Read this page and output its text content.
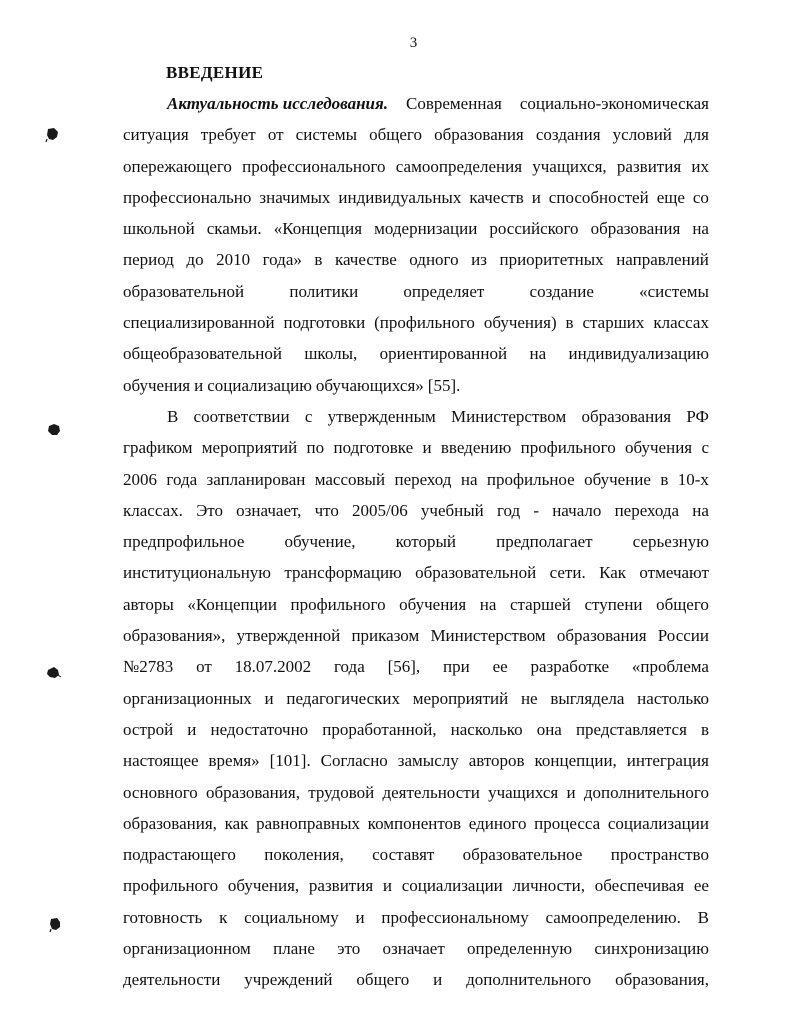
3
ВВЕДЕНИЕ
Актуальность исследования. Современная социально-экономическая
ситуация требует от системы общего образования создания условий для
опережающего профессионального самоопределения учащихся, развития их
профессионально значимых индивидуальных качеств и способностей еще со
школьной скамьи. «Концепция модернизации российского образования на
период до 2010 года» в качестве одного из приоритетных направлений
образовательной	политики	определяет	создание	«системы
специализированной подготовки (профильного обучения) в старших классах
общеобразовательной школы, ориентированной на индивидуализацию
обучения и социализацию обучающихся» [55].
В соответствии с утвержденным Министерством образования РФ
графиком мероприятий по подготовке и введению профильного обучения с
2006 года запланирован массовый переход на профильное обучение в 10-х
классах. Это означает, что 2005/06 учебный год - начало перехода на
предпрофильное обучение, который предполагает серьезную
институциональную трансформацию образовательной сети. Как отмечают
авторы «Концепции профильного обучения на старшей ступени общего
образования», утвержденной приказом Министерством образования России
№2783 от 18.07.2002 года [56], при ее разработке «проблема
организационных и педагогических мероприятий не выглядела настолько
острой и недостаточно проработанной, насколько она представляется в
настоящее время» [101]. Согласно замыслу авторов концепции, интеграция
основного образования, трудовой деятельности учащихся и дополнительного
образования, как равноправных компонентов единого процесса социализации
подрастающего поколения, составят образовательное пространство
профильного обучения, развития и социализации личности, обеспечивая ее
готовность к социальному и профессиональному самоопределению. В
организационном плане это означает определенную синхронизацию
деятельности учреждений общего и дополнительного образования,
